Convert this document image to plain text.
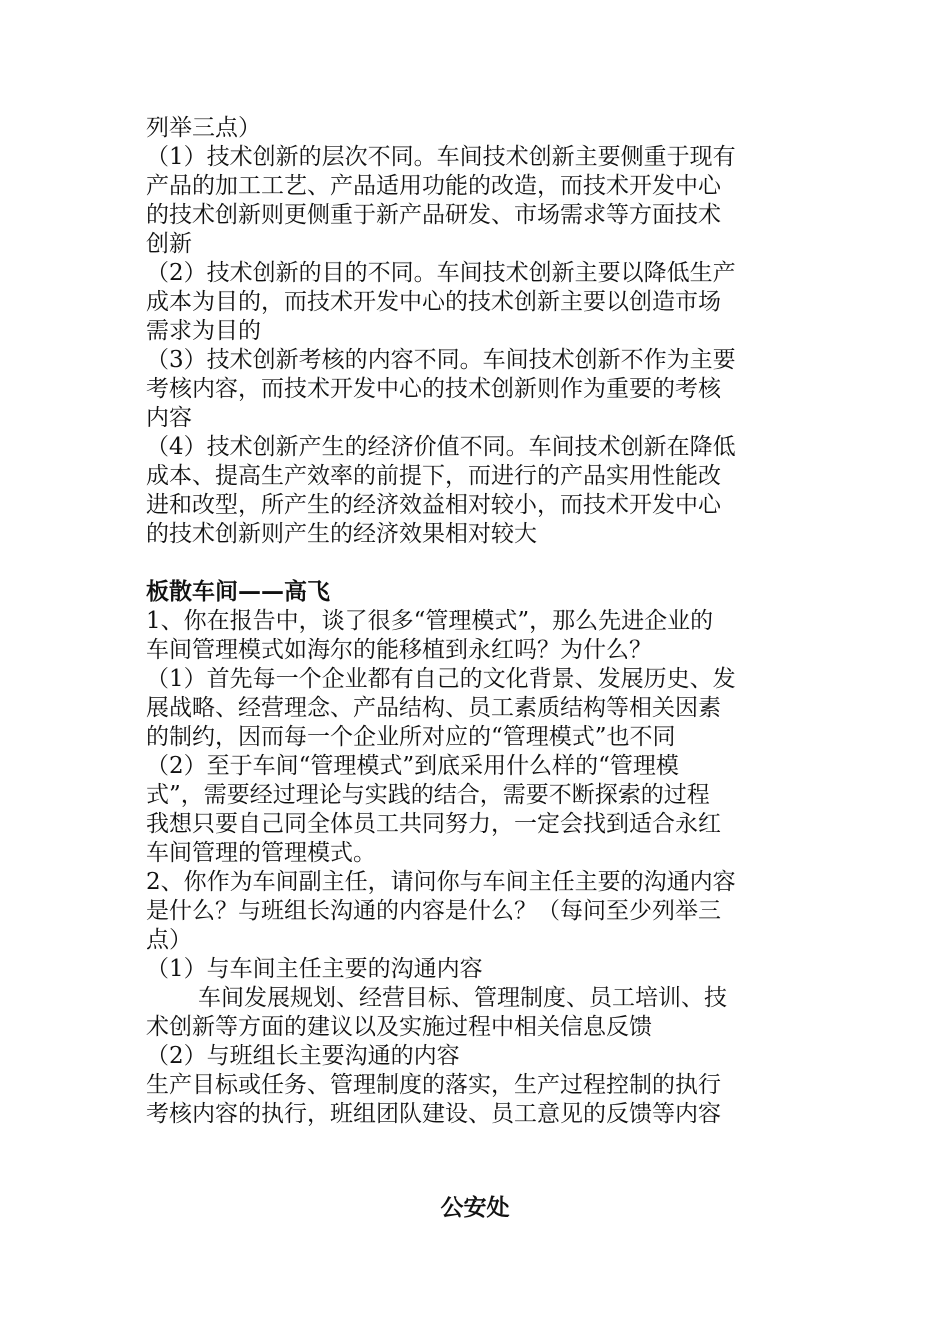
列举三点）
（1）技术创新的层次不同。车间技术创新主要侧重于现有
产品的加工工艺、产品适用功能的改造，而技术开发中心
的技术创新则更侧重于新产品研发、市场需求等方面技术
创新
（2）技术创新的目的不同。车间技术创新主要以降低生产
成本为目的，而技术开发中心的技术创新主要以创造市场
需求为目的
（3）技术创新考核的内容不同。车间技术创新不作为主要
考核内容，而技术开发中心的技术创新则作为重要的考核
内容
（4）技术创新产生的经济价值不同。车间技术创新在降低
成本、提高生产效率的前提下，而进行的产品实用性能改
进和改型，所产生的经济效益相对较小，而技术开发中心
的技术创新则产生的经济效果相对较大
板散车间——高飞
1、你在报告中，谈了很多“管理模式”，那么先进企业的
车间管理模式如海尔的能移植到永红吗？为什么？
（1）首先每一个企业都有自己的文化背景、发展历史、发
展战略、经营理念、产品结构、员工素质结构等相关因素
的制约，因而每一个企业所对应的“管理模式”也不同
（2）至于车间“管理模式”到底采用什么样的“管理模
式”，需要经过理论与实践的结合，需要不断探索的过程
我想只要自己同全体员工共同努力，一定会找到适合永红
车间管理的管理模式。
2、你作为车间副主任，请问你与车间主任主要的沟通内容
是什么？与班组长沟通的内容是什么？（每问至少列举三
点）
（1）与车间主任主要的沟通内容
车间发展规划、经营目标、管理制度、员工培训、技
术创新等方面的建议以及实施过程中相关信息反馈
（2）与班组长主要沟通的内容
生产目标或任务、管理制度的落实，生产过程控制的执行
考核内容的执行，班组团队建设、员工意见的反馈等内容
公安处
